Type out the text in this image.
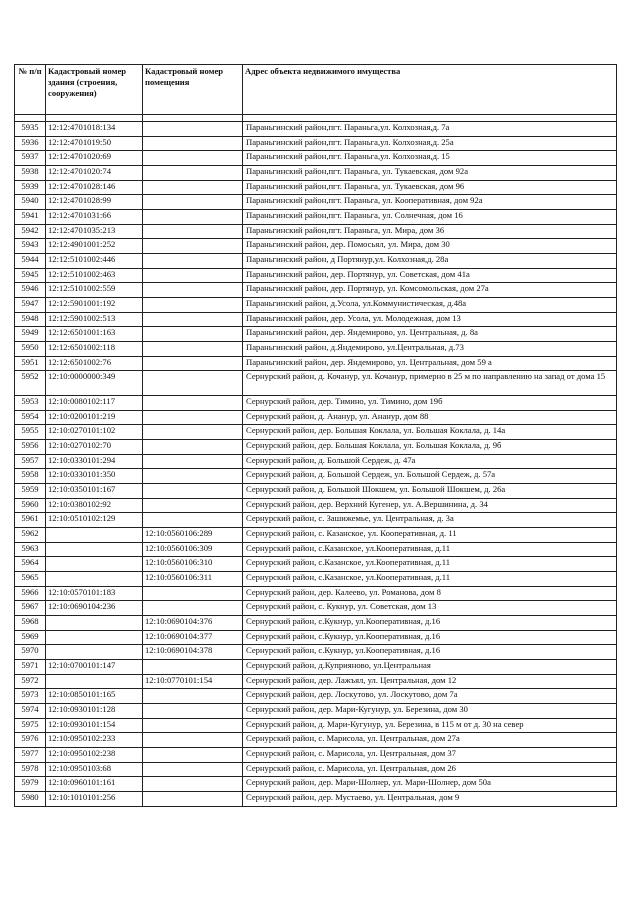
№ п/п	Кадастровый номер здания (строения, сооружения)	Кадастровый номер помещения	Адрес объекта недвижимого имущества

5935	12:12:4701018:134		Параньгинский район,пгт. Параньга,ул. Колхозная,д. 7а
5936	12:12:4701019:50		Параньгинский район,пгт. Параньга,ул. Колхозная,д. 25а
5937	12:12:4701020:69		Параньгинский район,пгт. Параньга,ул. Колхозная,д. 15
5938	12:12:4701020:74		Параньгинский район,пгт. Параньга, ул. Тукаевская, дом 92а
5939	12:12:4701028:146		Параньгинский район,пгт. Параньга, ул. Тукаевская, дом 96
5940	12:12:4701028:99		Параньгинский район,пгт. Параньга, ул. Кооперативная, дом 92а
5941	12:12:4701031:66		Параньгинский район,пгт. Параньга, ул. Солнечная, дом 16
5942	12:12:4701035:213		Параньгинский район,пгт. Параньга, ул. Мира, дом 36
5943	12:12:4901001:252		Параньгинский район, дер. Помосьял, ул. Мира, дом 30
5944	12:12:5101002:446		Параньгинский район, д Портянур,ул. Колхозная,д. 28а
5945	12:12:5101002:463		Параньгинский район, дер. Портянур, ул. Советская, дом 41а
5946	12:12:5101002:559		Параньгинский район, дер. Портянур, ул. Комсомольская, дом 27а
5947	12:12:5901001:192		Параньгинский район, д.Усола, ул.Коммунистическая, д.48а
5948	12:12:5901002:513		Параньгинский район, дер. Усола, ул. Молодежная, дом 13
5949	12:12:6501001:163		Параньгинский район, дер. Яндемирово, ул. Центральная, д. 8а
5950	12:12:6501002:118		Параньгинский район, д.Яндемирово, ул.Центральная, д.73
5951	12:12:6501002:76		Параньгинский район, дер. Яндемирово, ул. Центральная, дом 59 а
5952	12:10:0000000:349		Сернурский район, д. Кочанур, ул. Кочанур, примерно в 25 м по направлению на запад от дома 15
5953	12:10:0080102:117		Сернурский район, дер. Тимино, ул. Тимино, дом 19б
5954	12:10:0200101:219		Сернурский район, д. Ананур, ул. Ананур, дом 88
5955	12:10:0270101:102		Сернурский район, дер. Большая Коклала, ул. Большая Коклала, д. 14а
5956	12:10:0270102:70		Сернурский район, дер. Большая Коклала, ул. Большая Коклала, д. 9б
5957	12:10:0330101:294		Сернурский район, д. Большой Сердеж, д. 47а
5958	12:10:0330101:350		Сернурский район, д. Большой Сердеж, ул. Большой Сердеж, д. 57а
5959	12:10:0350101:167		Сернурский район, д. Большой Шокшем, ул. Большой Шокшем, д. 26а
5960	12:10:0380102:92		Сернурский район, дер. Верхний Кугенер, ул. А.Вершинина, д. 34
5961	12:10:0510102:129		Сернурский район, с. Зашижемье, ул. Центральная, д. 3а
5962		12:10:0560106:289	Сернурский район, с. Казанское, ул. Кооперативная, д. 11
5963		12:10:0560106:309	Сернурский район, с.Казанское, ул.Кооперативная, д.11
5964		12:10:0560106:310	Сернурский район, с.Казанское, ул.Кооперативная, д.11
5965		12:10:0560106:311	Сернурский район, с.Казанское, ул.Кооперативная, д.11
5966	12:10:0570101:183		Сернурский район, дер. Калеево, ул. Романова, дом 8
5967	12:10:0690104:236		Сернурский район, с. Кукнур, ул. Советская, дом 13
5968		12:10:0690104:376	Сернурский район, с.Кукнур, ул.Кооперативная, д.16
5969		12:10:0690104:377	Сернурский район, с.Кукнур, ул.Кооперативная, д.16
5970		12:10:0690104:378	Сернурский район, с.Кукнур, ул.Кооперативная, д.16
5971	12:10:0700101:147		Сернурский район, д.Куприяново, ул.Центральная
5972		12:10:0770101:154	Сернурский район, дер. Лажъял, ул. Центральная, дом 12
5973	12:10:0850101:165		Сернурский район, дер. Лоскутово, ул. Лоскутово, дом 7а
5974	12:10:0930101:128		Сернурский район, дер. Мари-Кугунур, ул. Березина, дом 30
5975	12:10:0930101:154		Сернурский район, д. Мари-Кугунур, ул. Березина, в 115 м от д. 30 на север
5976	12:10:0950102:233		Сернурский район, с. Марисола, ул. Центральная, дом 27а
5977	12:10:0950102:238		Сернурский район, с. Марисола, ул. Центральная, дом 37
5978	12:10:0950103:68		Сернурский район, с. Марисола, ул. Центральная, дом 26
5979	12:10:0960101:161		Сернурский район, дер. Мари-Шолнер, ул. Мари-Шолнер, дом 50а
5980	12:10:1010101:256		Сернурский район, дер. Мустаево, ул. Центральная, дом 9
